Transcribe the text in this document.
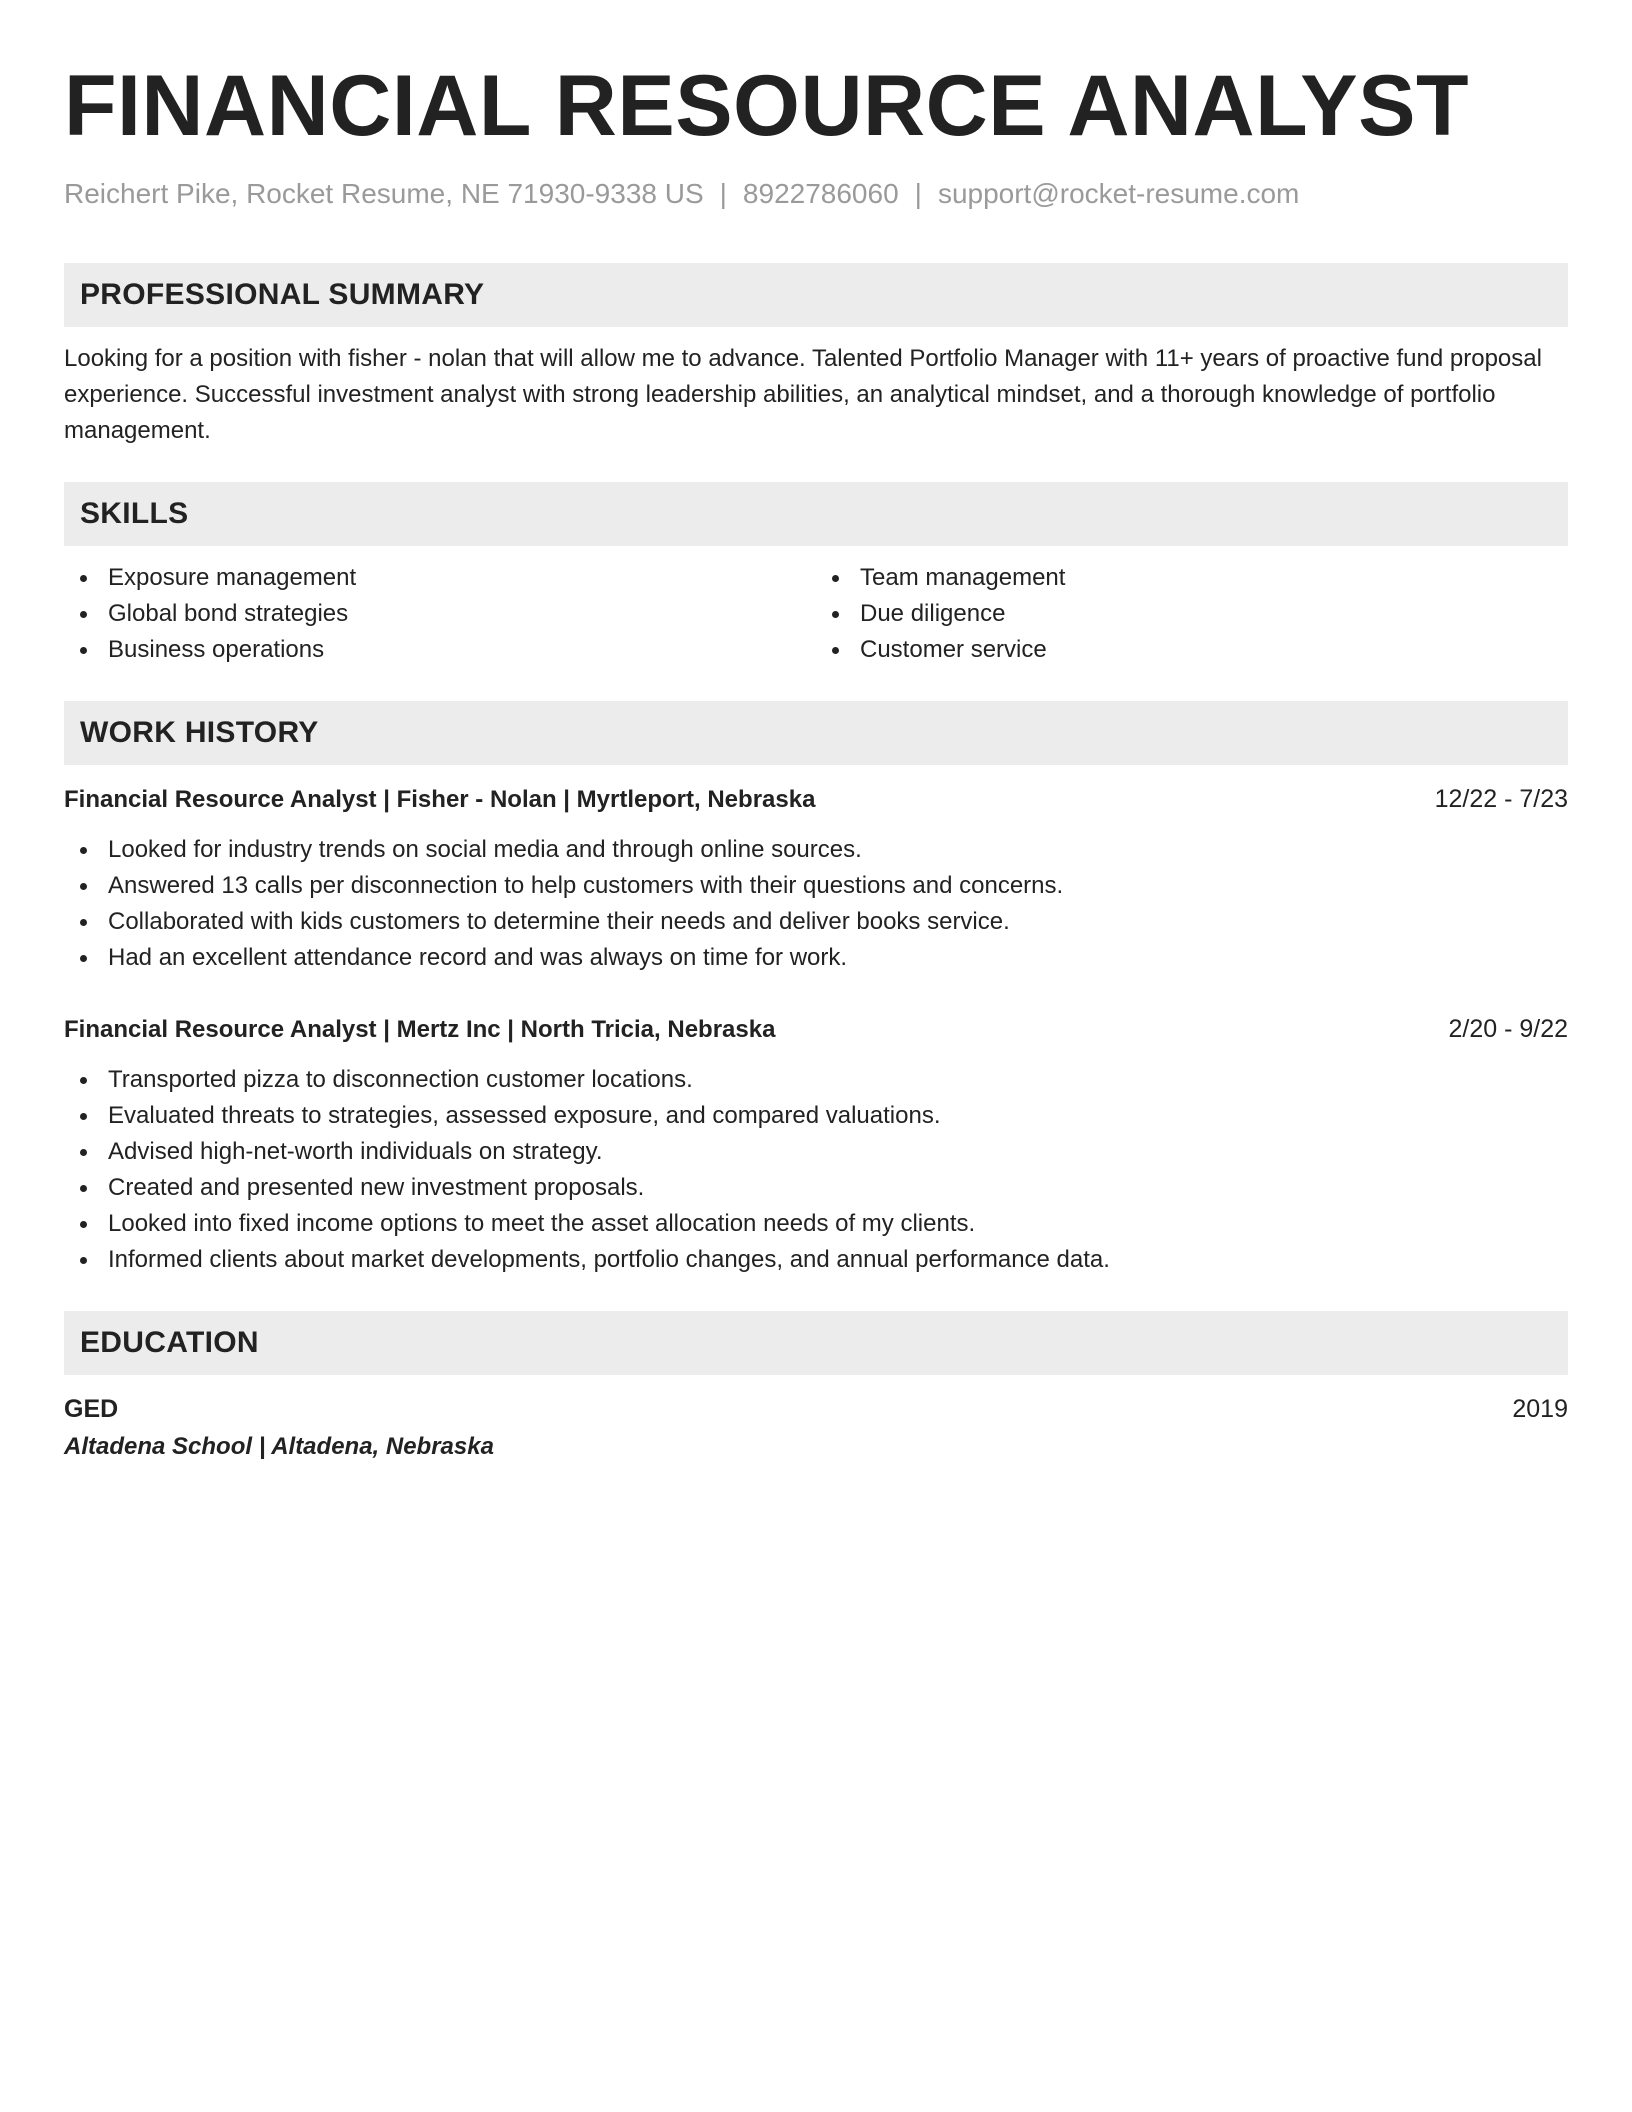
FINANCIAL RESOURCE ANALYST
Reichert Pike, Rocket Resume, NE 71930-9338 US | 8922786060 | support@rocket-resume.com
PROFESSIONAL SUMMARY
Looking for a position with fisher - nolan that will allow me to advance. Talented Portfolio Manager with 11+ years of proactive fund proposal experience. Successful investment analyst with strong leadership abilities, an analytical mindset, and a thorough knowledge of portfolio management.
SKILLS
Exposure management
Global bond strategies
Business operations
Team management
Due diligence
Customer service
WORK HISTORY
Financial Resource Analyst | Fisher - Nolan | Myrtleport, Nebraska	12/22 - 7/23
Looked for industry trends on social media and through online sources.
Answered 13 calls per disconnection to help customers with their questions and concerns.
Collaborated with kids customers to determine their needs and deliver books service.
Had an excellent attendance record and was always on time for work.
Financial Resource Analyst | Mertz Inc | North Tricia, Nebraska	2/20 - 9/22
Transported pizza to disconnection customer locations.
Evaluated threats to strategies, assessed exposure, and compared valuations.
Advised high-net-worth individuals on strategy.
Created and presented new investment proposals.
Looked into fixed income options to meet the asset allocation needs of my clients.
Informed clients about market developments, portfolio changes, and annual performance data.
EDUCATION
GED	2019
Altadena School | Altadena, Nebraska
